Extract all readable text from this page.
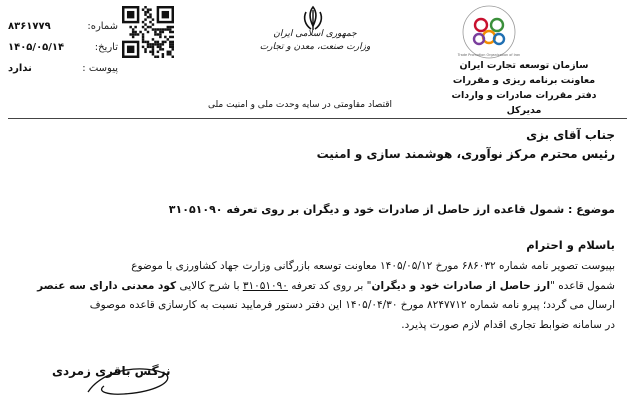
Trade Promotion Organization of Iran
سازمان توسعه تجارت ایران
معاونت برنامه ریزی و مقررات
دفتر مقررات صادرات و واردات
مدیرکل
جمهوری اسلامی ایران
وزارت صنعت، معدن و تجارت
اقتصاد مقاومتی در سایه وحدت ملی و امنیت ملی
شماره:
۸۳۶۱۷۷۹
تاریخ:
۱۴۰۵/۰۵/۱۴
پیوست :
ندارد
جناب آقای بزی
رئیس محترم مرکز نوآوری، هوشمند سازی و امنیت
موضوع : شمول قاعده ارز حاصل از صادرات خود و دیگران بر روی تعرفه ۳۱۰۵۱۰۹۰
باسلام و احترام
بپیوست تصویر نامه شماره ۶۸۶۰۳۲ مورخ ۱۴۰۵/۰۵/۱۲ معاونت توسعه بازرگانی وزارت جهاد کشاورزی با موضوع
شمول قاعده "ارز حاصل از صادرات خود و دیگران" بر روی کد تعرفه ۳۱۰۵۱۰۹۰ با شرح کالایی کود معدنی دارای سه عنصر
ارسال می گردد؛ پیرو نامه شماره ۸۲۴۷۷۱۲ مورخ ۱۴۰۵/۰۴/۳۰ این دفتر دستور فرمایید نسبت به کارسازی قاعده موصوف
در سامانه ضوابط تجاری اقدام لازم صورت پذیرد.
نرگس باقری زمردی
